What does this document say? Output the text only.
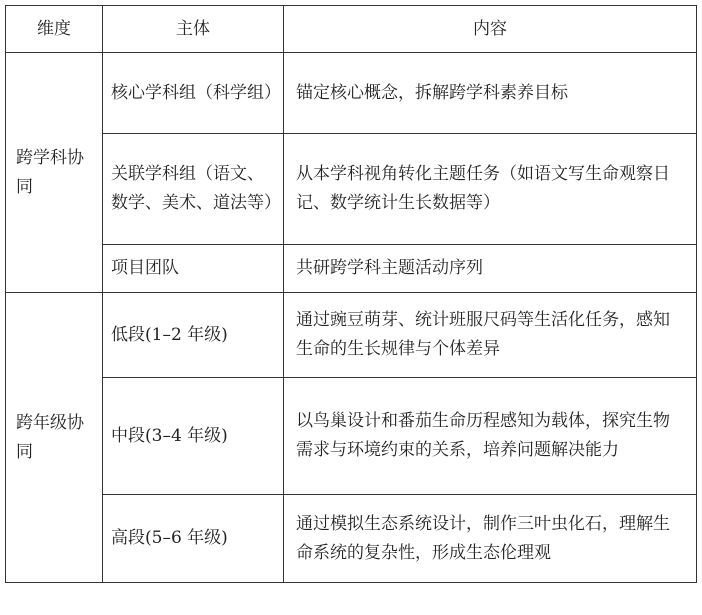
维度	主体	内容
跨学科协同	核心学科组（科学组）	锚定核心概念，拆解跨学科素养目标
	关联学科组（语文、数学、美术、道法等）	从本学科视角转化主题任务（如语文写生命观察日记、数学统计生长数据等）
	项目团队	共研跨学科主题活动序列
跨年级协同	低段(1–2 年级)	通过豌豆萌芽、统计班服尺码等生活化任务，感知生命的生长规律与个体差异
	中段(3–4 年级)	以鸟巢设计和番茄生命历程感知为载体，探究生物需求与环境约束的关系，培养问题解决能力
	高段(5–6 年级)	通过模拟生态系统设计，制作三叶虫化石，理解生命系统的复杂性，形成生态伦理观
